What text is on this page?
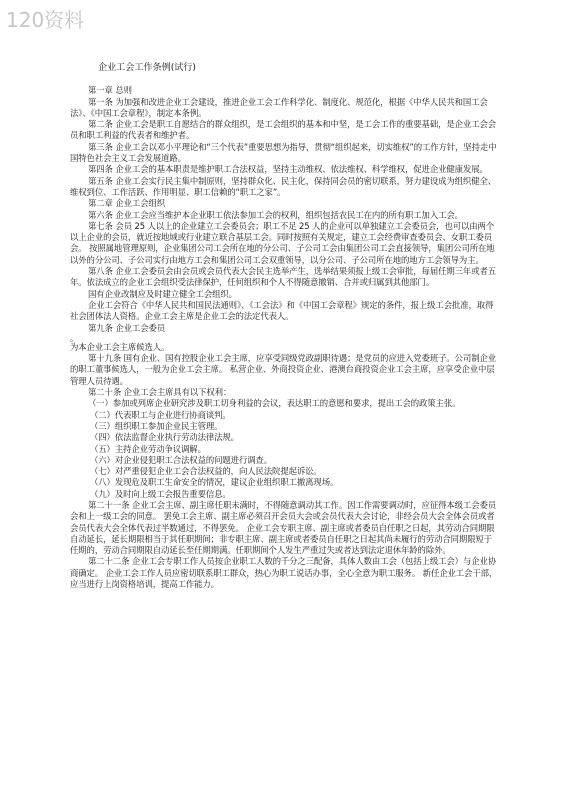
120资料
企业工会工作条例(试行)

第一章 总则

第一条 为加强和改进企业工会建设，推进企业工会工作科学化、制度化、规范化，根据《中华人民共和国工会法》、《中国工会章程》，制定本条例。

第二条 企业工会是职工自愿结合的群众组织，是工会组织的基本和中坚，是工会工作的重要基础，是企业工会会员和职工利益的代表者和维护者。

第三条 企业工会以邓小平理论和“三个代表”重要思想为指导，贯彻“组织起来，切实维权”的工作方针，坚持走中国特色社会主义工会发展道路。

第四条 企业工会的基本职责是维护职工合法权益，坚持主动维权、依法维权、科学维权，促进企业健康发展。

第五条 企业工会实行民主集中制原则，坚持群众化、民主化，保持同会员的密切联系，努力建设成为组织健全、维权到位、工作活跃、作用明显、职工信赖的“职工之家”。

第二章 企业工会组织

第六条 企业工会应当维护本企业职工依法参加工会的权利，组织包括农民工在内的所有职工加入工会。

第七条 会员 25 人以上的企业建立工会委员会；职工不足 25 人的企业可以单独建立工会委员会，也可以由两个以上企业的会员，就近按地域或行业建立联合基层工会。同时按照有关规定，建立工会经费审查委员会、女职工委员会。 按照属地管理原则，企业集团公司工会所在地的分公司、子公司工会由集团公司工会直接领导，集团公司所在地以外的分公司、子公司实行由地方工会和集团公司工会双重领导，以分公司、子公司所在地的地方工会领导为主。

第八条 企业工会委员会由会员或会员代表大会民主选举产生，选举结果须报上级工会审批，每届任期三年或者五年。依法成立的企业工会组织受法律保护，任何组织和个人不得随意撤销、合并或归属到其他部门。

国有企业改制应及时建立健全工会组织。

企业工会符合《中华人民共和国民法通则》、《工会法》和《中国工会章程》规定的条件，报上级工会批准，取得社会团体法人资格。企业工会主席是企业工会的法定代表人。

第九条 企业工会委员

。

为本企业工会主席候选人。

第十九条 国有企业、国有控股企业工会主席，应享受同级党政副职待遇；是党员的应进入党委班子。公司制企业的职工董事候选人，一般为企业工会主席。 私营企业、外商投资企业、港澳台商投资企业工会主席，应享受企业中层管理人员待遇。

第二十条 企业工会主席具有以下权利：

（一）参加或列席企业研究涉及职工切身利益的会议，表达职工的意愿和要求，提出工会的政策主张。

（二）代表职工与企业进行协商谈判。

（三）组织职工参加企业民主管理。

（四）依法监督企业执行劳动法律法规。

（五）主持企业劳动争议调解。

（六）对企业侵犯职工合法权益的问题进行调查。

（七）对严重侵犯企业工会合法权益的，向人民法院提起诉讼。

（八）发现危及职工生命安全的情况，建议企业组织职工撤离现场。

（九）及时向上级工会报告重要信息。

第二十一条 企业工会主席、副主席任职未满时，不得随意调动其工作。因工作需要调动时，应征得本级工会委员会和上一级工会的同意。 罢免工会主席、副主席必须召开会员大会或会员代表大会讨论，非经会员大会全体会员或者会员代表大会全体代表过半数通过，不得罢免。 企业工会专职主席、副主席或者委员自任职之日起，其劳动合同期限自动延长，延长期限相当于其任职期间；非专职主席、副主席或者委员自任职之日起其尚未履行的劳动合同期限短于任期的，劳动合同期限自动延长至任期期满。任职期间个人发生严重过失或者达到法定退休年龄的除外。

第二十二条 企业工会专职工作人员按企业职工人数的千分之三配备，具体人数由工会（包括上级工会）与企业协商确定。 企业工会工作人员应密切联系职工群众，热心为职工说话办事，全心全意为职工服务。 新任企业工会干部，应当进行上岗资格培训，提高工作能力。
